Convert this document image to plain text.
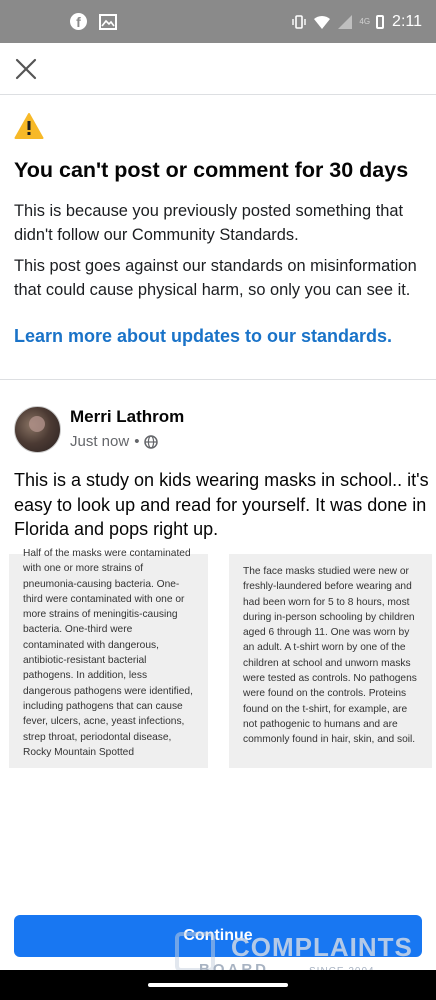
f	4G 2:11
You can't post or comment for 30 days

This is because you previously posted something that didn't follow our Community Standards.

This post goes against our standards on misinformation that could cause physical harm, so only you can see it.

Learn more about updates to our standards.
Merri Lathrom
Just now •

This is a study on kids wearing masks in school.. it's easy to look up and read for yourself. It was done in Florida and pops right up.

Half of the masks were contaminated with one or more strains of pneumonia-causing bacteria. One-third were contaminated with one or more strains of meningitis-causing bacteria. One-third were contaminated with dangerous, antibiotic-resistant bacterial pathogens. In addition, less dangerous pathogens were identified, including pathogens that can cause fever, ulcers, acne, yeast infections, strep throat, periodontal disease, Rocky Mountain Spotted
The face masks studied were new or freshly-laundered before wearing and had been worn for 5 to 8 hours, most during in-person schooling by children aged 6 through 11. One was worn by an adult. A t-shirt worn by one of the children at school and unworn masks were tested as controls. No pathogens were found on the controls. Proteins found on the t-shirt, for example, are not pathogenic to humans and are commonly found in hair, skin, and soil.
Continue
COMPLAINTS
